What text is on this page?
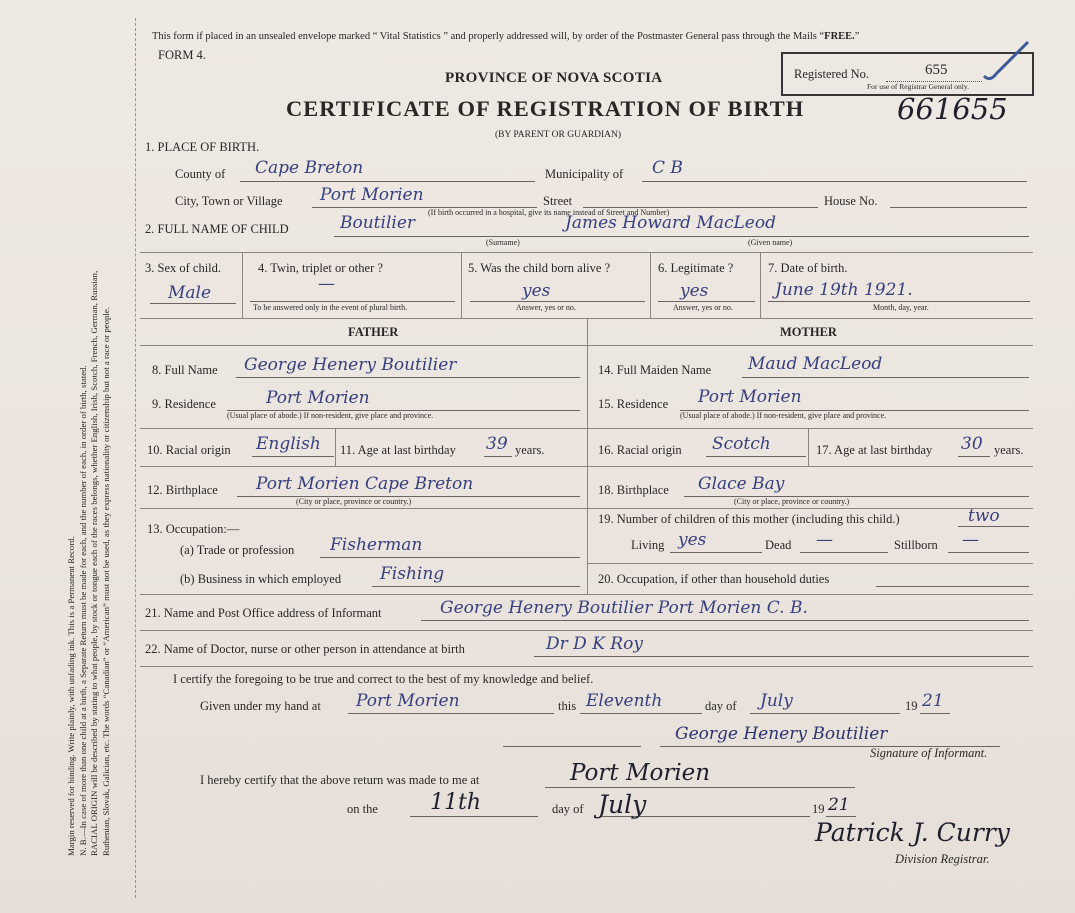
Margin reserved for binding. Write plainly, with unfading ink. This is a Permanent Record. N. B.—In case of more than one child at a birth, a Separate Return must be made for each, and the number of each, in order of birth, stated. RACIAL ORIGIN will be described by stating to what people, by stock or tongue each of the races belongs, whether English, Irish, Scotch, French, German, Russian, Ruthenian, Slovak, Galician, etc. The words “Canadian” or “American” must not be used, as they express nationality or citizenship but not a race or people.
This form if placed in an unsealed envelope marked “ Vital Statistics ” and properly addressed will, by order of the Postmaster General pass through the Mails “FREE.”
FORM 4.
PROVINCE OF NOVA SCOTIA
CERTIFICATE OF REGISTRATION OF BIRTH
(BY PARENT OR GUARDIAN)
Registered No.	655
For use of Registrar General only.
661655
1. PLACE OF BIRTH.
County of Cape Breton	Municipality of C B
City, Town or Village Port Morien	Street	House No.
(If birth occurred in a hospital, give its name instead of Street and Number)
2. FULL NAME OF CHILD	Boutilier
(Surname)
James Howard MacLeod
(Given name)
3. Sex of child.
Male
4. Twin, triplet or other ?
—
To be answered only in the event of plural birth.
5. Was the child born alive ?
yes
Answer, yes or no.
6. Legitimate ?
yes
Answer, yes or no.
7. Date of birth.
June 19th 1921.
Month, day, year.
FATHER	MOTHER
8. Full Name George Henery Boutilier
9. Residence	Port Morien
(Usual place of abode.) If non-resident, give place and province.
10. Racial origin English 11. Age at last birthday 39 years.
12. Birthplace Port Morien Cape Breton
(City or place, province or country.)
13. Occupation:—
(a) Trade or profession Fisherman
(b) Business in which employed Fishing
14. Full Maiden Name Maud MacLeod
15. Residence Port Morien
(Usual place of abode.) If non-resident, give place and province.
16. Racial origin Scotch	17. Age at last birthday 30 years.
18. Birthplace Glace Bay
(City or place, province or country.)
19. Number of children of this mother (including this child.)	two
Living yes	Dead —	Stillborn —
20. Occupation, if other than household duties
21. Name and Post Office address of Informant	George Henery Boutilier Port Morien C. B.
22. Name of Doctor, nurse or other person in attendance at birth	Dr D K Roy
I certify the foregoing to be true and correct to the best of my knowledge and belief.
Given under my hand at Port Morien	this Eleventh	day of July	19 21
George Henery Boutilier
Signature of Informant.
I hereby certify that the above return was made to me at	Port Morien
on the 11th	day of July	19 21
Patrick J. Curry
Division Registrar.
